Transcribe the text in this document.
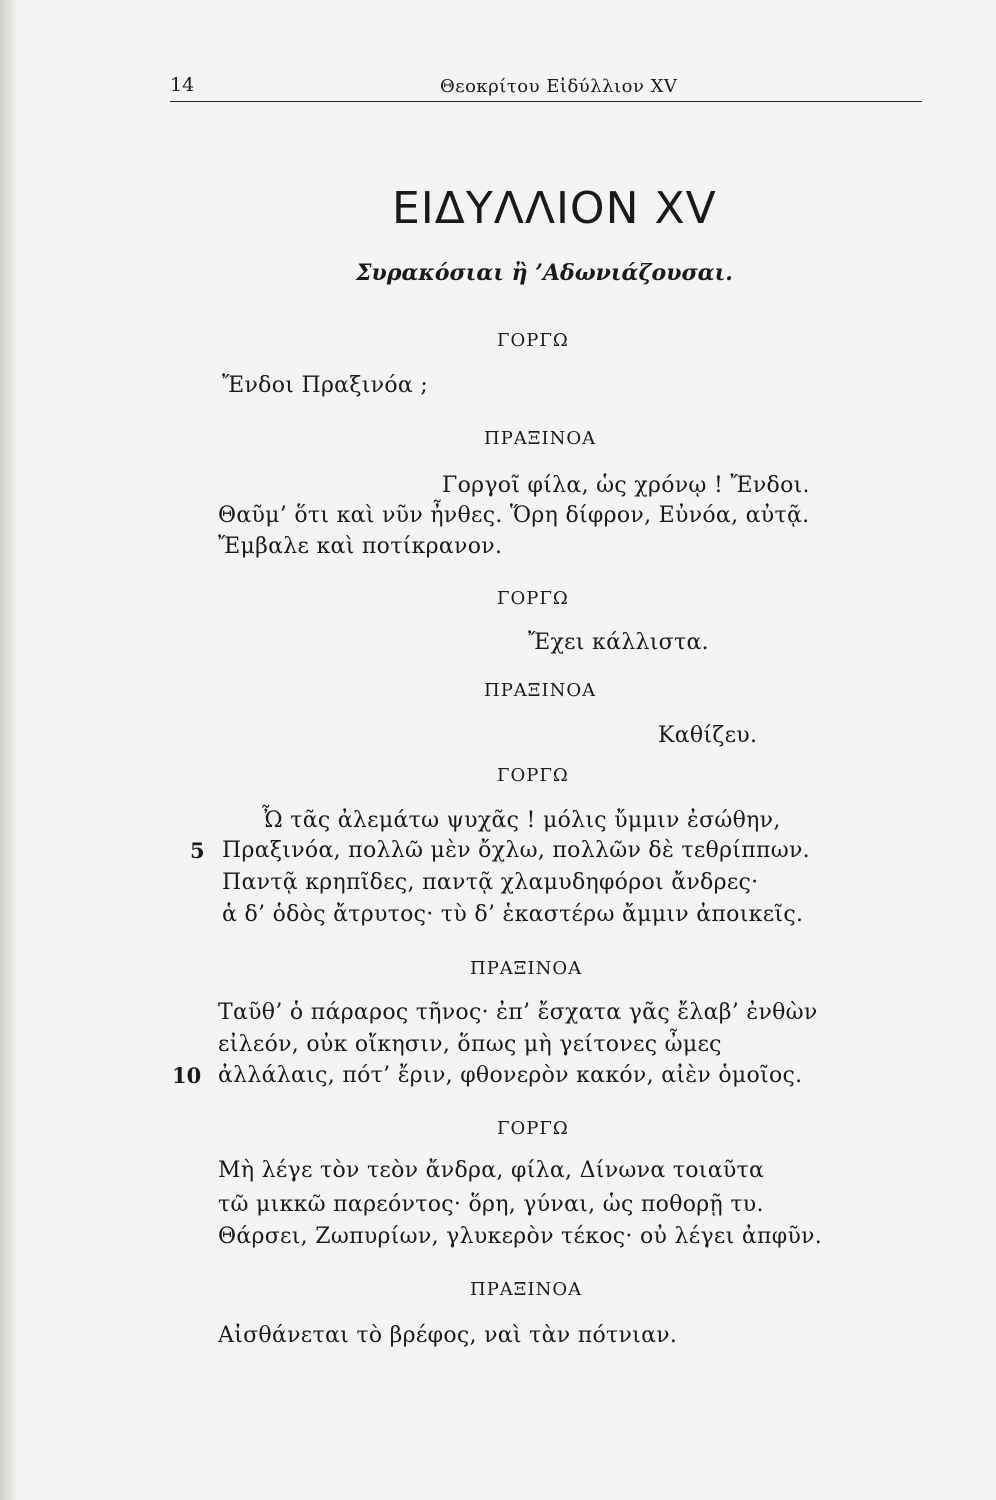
14	Θεοκρίτου Εἰδύλλιον XV
ΕΙΔΥΛΛΙΟΝ XV
Συρακόσιαι ἢ ’Αδωνιάζουσαι.
ΓΟΡΓΩ
Ἔνδοι Πραξινόα ;
ΠΡΑΞΙΝΟΑ
Γοργοῖ φίλα, ὡς χρόνῳ ! Ἔνδοι.
Θαῦμ’ ὅτι καὶ νῦν ἦνθες. Ὅρη δίφρον, Εὐνόα, αὐτᾷ.
Ἔμβαλε καὶ ποτίκρανον.
ΓΟΡΓΩ
Ἔχει κάλλιστα.
ΠΡΑΞΙΝΟΑ
Καθίζευ.
ΓΟΡΓΩ
Ὦ τᾶς ἀλεμάτω ψυχᾶς ! μόλις ὔμμιν ἐσώθην,
5 Πραξινόα, πολλῶ μὲν ὄχλω, πολλῶν δὲ τεθρίππων.
Παντᾷ κρηπῖδες, παντᾷ χλαμυδηφόροι ἄνδρες·
ἁ δ’ ὁδὸς ἄτρυτος· τὺ δ’ ἑκαστέρω ἄμμιν ἀποικεῖς.
ΠΡΑΞΙΝΟΑ
Ταῦθ’ ὁ πάραρος τῆνος· ἐπ’ ἔσχατα γᾶς ἔλαβ’ ἐνθὼν
εἰλεόν, οὐκ οἴκησιν, ὅπως μὴ γείτονες ὦμες
10 ἀλλάλαις, πότ’ ἔριν, φθονερὸν κακόν, αἰὲν ὁμοῖος.
ΓΟΡΓΩ
Μὴ λέγε τὸν τεὸν ἄνδρα, φίλα, Δίνωνα τοιαῦτα
τῶ μικκῶ παρεόντος· ὅρη, γύναι, ὡς ποθορῇ τυ.
Θάρσει, Ζωπυρίων, γλυκερὸν τέκος· οὐ λέγει ἀπφῦν.
ΠΡΑΞΙΝΟΑ
Αἰσθάνεται τὸ βρέφος, ναὶ τὰν πότνιαν.
